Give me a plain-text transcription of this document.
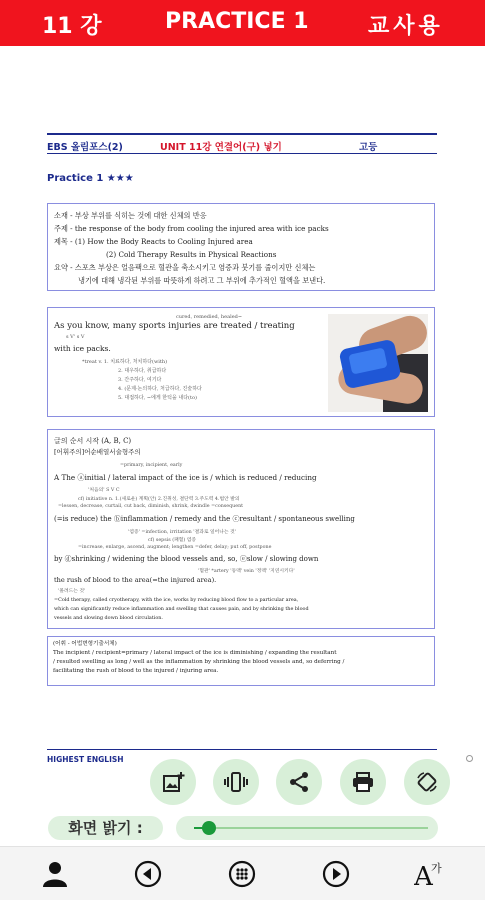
11 강	PRACTICE 1	교사용
EBS 올림포스(2)	UNIT 11강 연결어(구) 넣기	고등
Practice 1 ★★★
소재 - 부상 부위를 식히는 것에 대한 신체의 반응
주제 - the response of the body from cooling the injured area with ice packs
제목 - (1) How the Body Reacts to Cooling Injured area
(2) Cold Therapy Results in Physical Reactions
요약 - 스포츠 부상은 얼음팩으로 혈관을 축소시키고 염증과 붓기를 줄이지만 신체는
냉기에 대해 냉각된 부위를 따뜻하게 하려고 그 부위에 추가적인 혈액을 보낸다.
cured, remedied, healed~
As you know, many sports injuries are treated / treating
s V' s V
with ice packs.
*treat v. 1. 치료하다, 처치하다(with)
2. 대우하다, 취급하다
3. 간주하다, 여기다
4. (문제·논의하다, 처급하다, 진술하다
5. 대접하다, ~에게 한턱을 내다(to)
글의 순서 시작 (A, B, C)
[어휘주의]어순배열서술형주의
=primary, incipient, early
A The ⓐinitial / lateral impact of the ice is / which is reduced / reducing
'처음의' S V C
cf) initiative n. 1.(새로운) 계획(안) 2.진취성, 결단력 3.주도력 4.법안 발의
=lessen, decrease, curtail, cut back, diminish, shrink, dwindle =consequent
(=is reduce) the ⓑinflammation / remedy and the ⓒresultant / spontaneous swelling
'염증' =infection, irritation '결과로 일어나는 것'
cf) sepsis (패혈) 염증
=increase, enlarge, ascend, augment; lengthen =defer, delay; put off, postpone
by ⓓshrinking / widening the blood vessels and, so, ⓔslow / slowing down
'혈관' *artery '동맥' vein '정맥' '지연시키다'
the rush of blood to the area(=the injured area).
'몰려드는 것'
=Cold therapy, called cryotherapy, with the ice, works by reducing blood flow to a particular area,
which can significantly reduce inflammation and swelling that causes pain, and by shrinking the blood
vessels and slowing down blood circulation.
(어휘 - 어법변형기출서체)
The incipient / recipient=primary / lateral impact of the ice is diminishing / expanding the resultant
/ resulted swelling as long / well as the inflammation by shrinking the blood vessels and, so deferring /
facilitating the rush of blood to the injured / injuring area.
HIGHEST ENGLISH
화면 밝기 :
A
가
